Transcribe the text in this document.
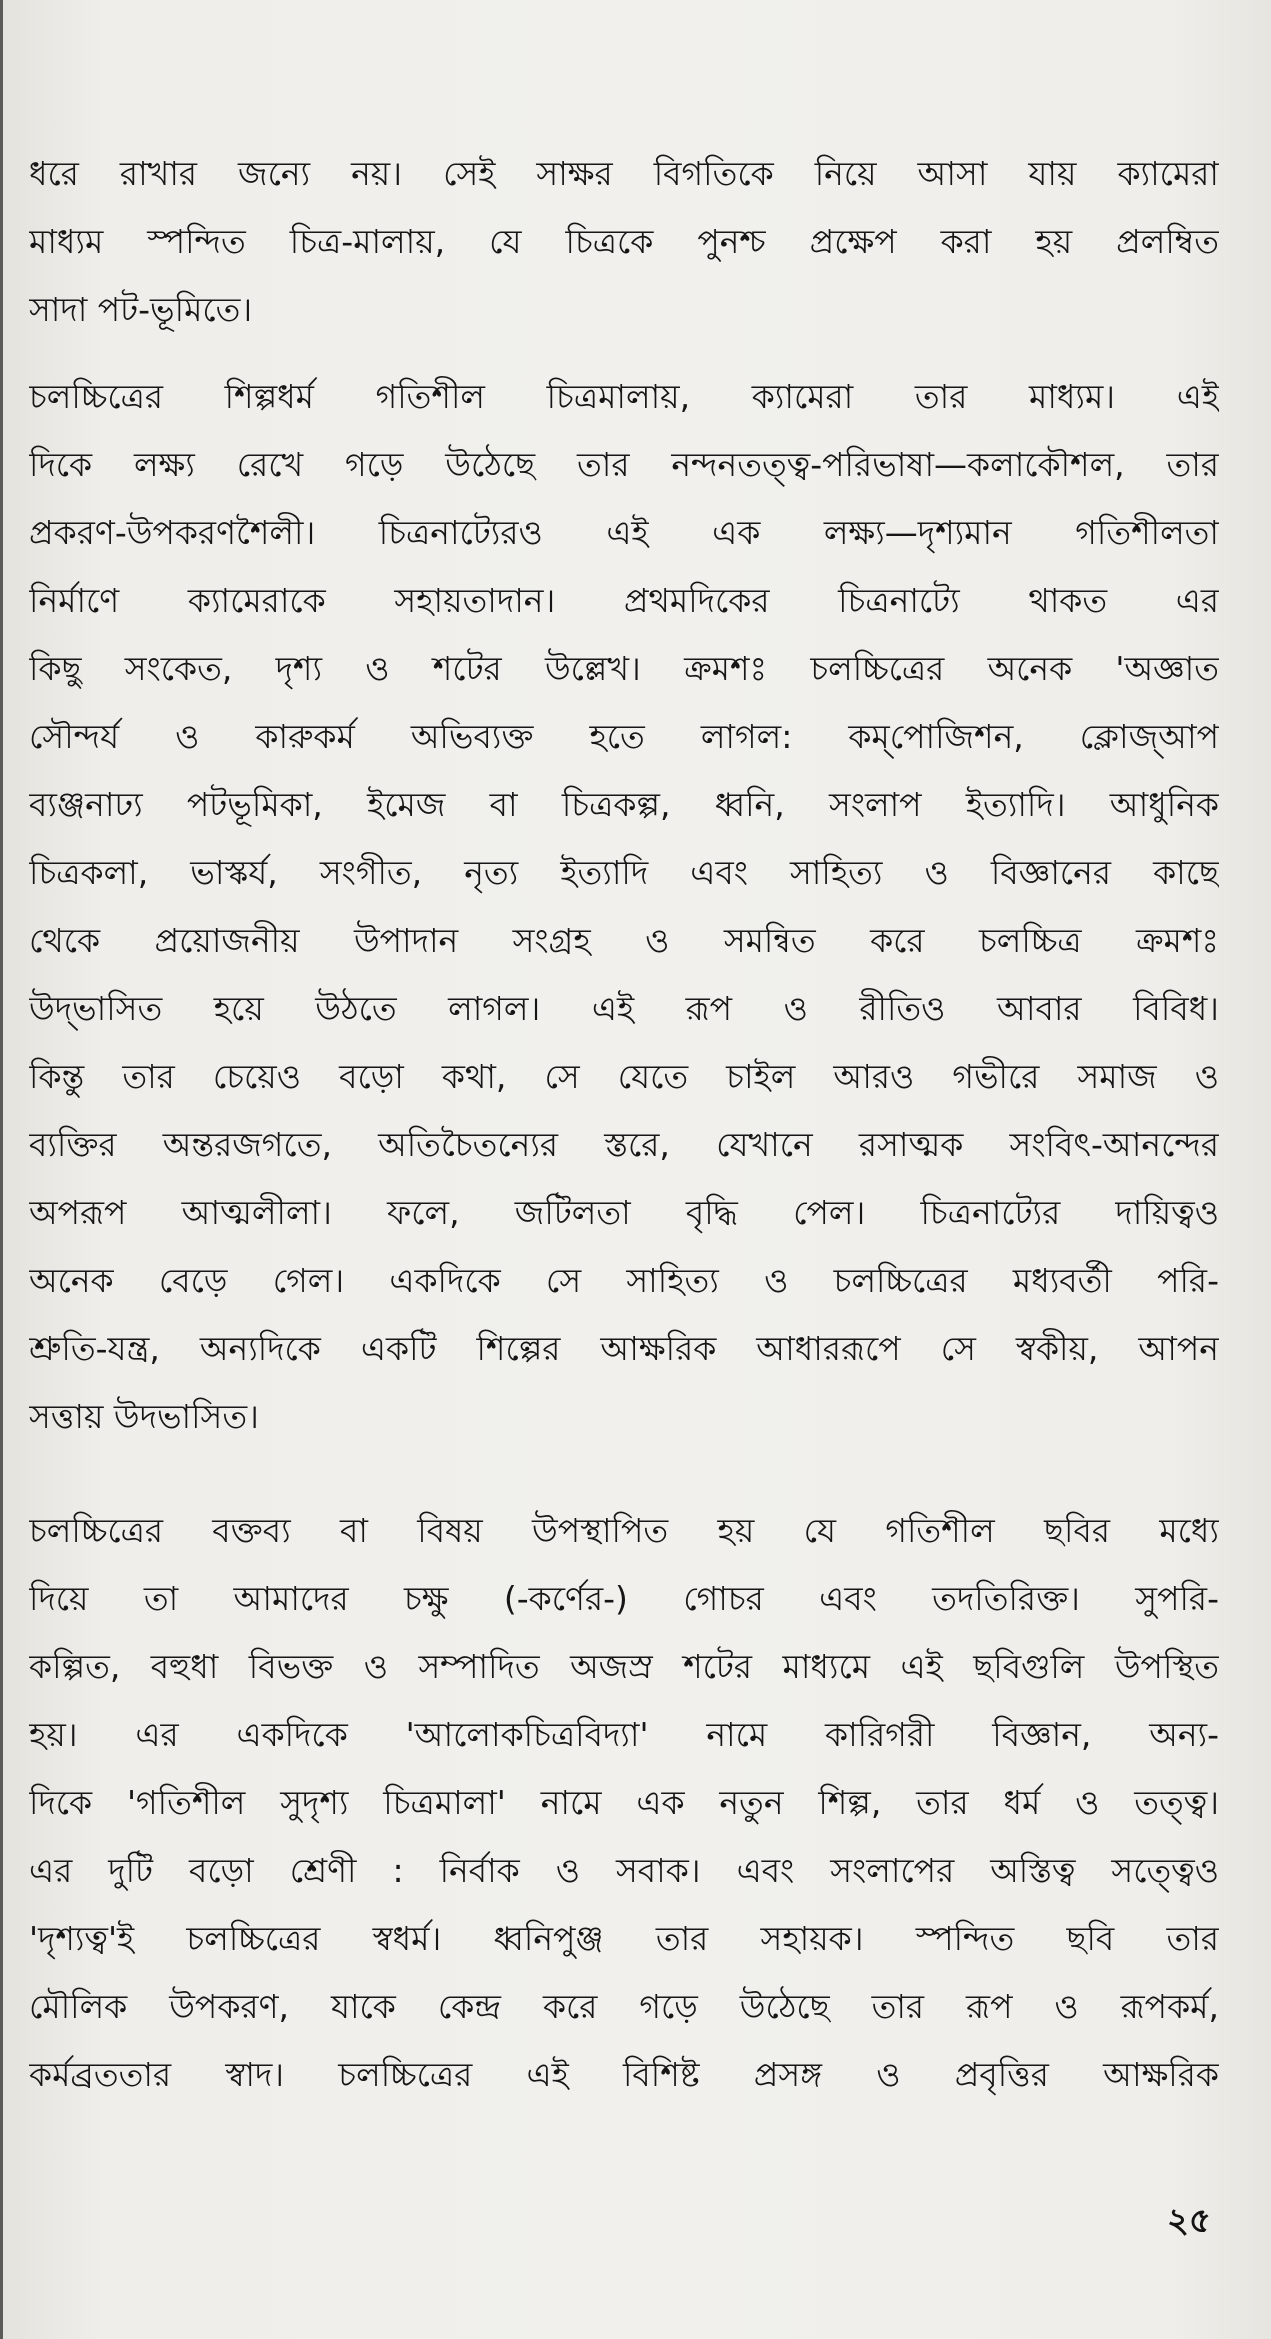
ধরে রাখার জন্যে নয়। সেই সাক্ষর বিগতিকে নিয়ে আসা যায় ক্যামেরা
মাধ্যম স্পন্দিত চিত্র-মালায়, যে চিত্রকে পুনশ্চ প্রক্ষেপ করা হয় প্রলম্বিত
সাদা পট-ভূমিতে।
চলচ্চিত্রের শিল্পধর্ম গতিশীল চিত্রমালায়, ক্যামেরা তার মাধ্যম। এই
দিকে লক্ষ্য রেখে গড়ে উঠেছে তার নন্দনতত্ত্ব-পরিভাষা—কলাকৌশল, তার
প্রকরণ-উপকরণশৈলী। চিত্রনাট্যেরও এই এক লক্ষ্য—দৃশ্যমান গতিশীলতা
নির্মাণে ক্যামেরাকে সহায়তাদান। প্রথমদিকের চিত্রনাট্যে থাকত এর
কিছু সংকেত, দৃশ্য ও শটের উল্লেখ। ক্রমশঃ চলচ্চিত্রের অনেক 'অজ্ঞাত
সৌন্দর্য ও কারুকর্ম অভিব্যক্ত হতে লাগল: কম্‌পোজিশন, ক্লোজ্‌আপ
ব্যঞ্জনাঢ্য পটভূমিকা, ইমেজ বা চিত্রকল্প, ধ্বনি, সংলাপ ইত্যাদি। আধুনিক
চিত্রকলা, ভাস্কর্য, সংগীত, নৃত্য ইত্যাদি এবং সাহিত্য ও বিজ্ঞানের কাছে
থেকে প্রয়োজনীয় উপাদান সংগ্রহ ও সমন্বিত করে চলচ্চিত্র ক্রমশঃ
উদ্‌ভাসিত হয়ে উঠতে লাগল। এই রূপ ও রীতিও আবার বিবিধ।
কিন্তু তার চেয়েও বড়ো কথা, সে যেতে চাইল আরও গভীরে সমাজ ও
ব্যক্তির অন্তরজগতে, অতিচৈতন্যের স্তরে, যেখানে রসাত্মক সংবিৎ-আনন্দের
অপরূপ আত্মলীলা। ফলে, জটিলতা বৃদ্ধি পেল। চিত্রনাট্যের দায়িত্বও
অনেক বেড়ে গেল। একদিকে সে সাহিত্য ও চলচ্চিত্রের মধ্যবর্তী পরি-
শ্রুতি-যন্ত্র, অন্যদিকে একটি শিল্পের আক্ষরিক আধাররূপে সে স্বকীয়, আপন
সত্তায় উদভাসিত।
চলচ্চিত্রের বক্তব্য বা বিষয় উপস্থাপিত হয় যে গতিশীল ছবির মধ্যে
দিয়ে তা আমাদের চক্ষু (-কর্ণের-) গোচর এবং তদতিরিক্ত। সুপরি-
কল্পিত, বহুধা বিভক্ত ও সম্পাদিত অজস্র শটের মাধ্যমে এই ছবিগুলি উপস্থিত
হয়। এর একদিকে 'আলোকচিত্রবিদ্যা' নামে কারিগরী বিজ্ঞান, অন্য-
দিকে 'গতিশীল সুদৃশ্য চিত্রমালা' নামে এক নতুন শিল্প, তার ধর্ম ও তত্ত্ব।
এর দুটি বড়ো শ্রেণী : নির্বাক ও সবাক। এবং সংলাপের অস্তিত্ব সত্ত্বেও
'দৃশ্যত্ব'ই চলচ্চিত্রের স্বধর্ম। ধ্বনিপুঞ্জ তার সহায়ক। স্পন্দিত ছবি তার
মৌলিক উপকরণ, যাকে কেন্দ্র করে গড়ে উঠেছে তার রূপ ও রূপকর্ম,
কর্মব্রততার স্বাদ। চলচ্চিত্রের এই বিশিষ্ট প্রসঙ্গ ও প্রবৃত্তির আক্ষরিক
২৫
